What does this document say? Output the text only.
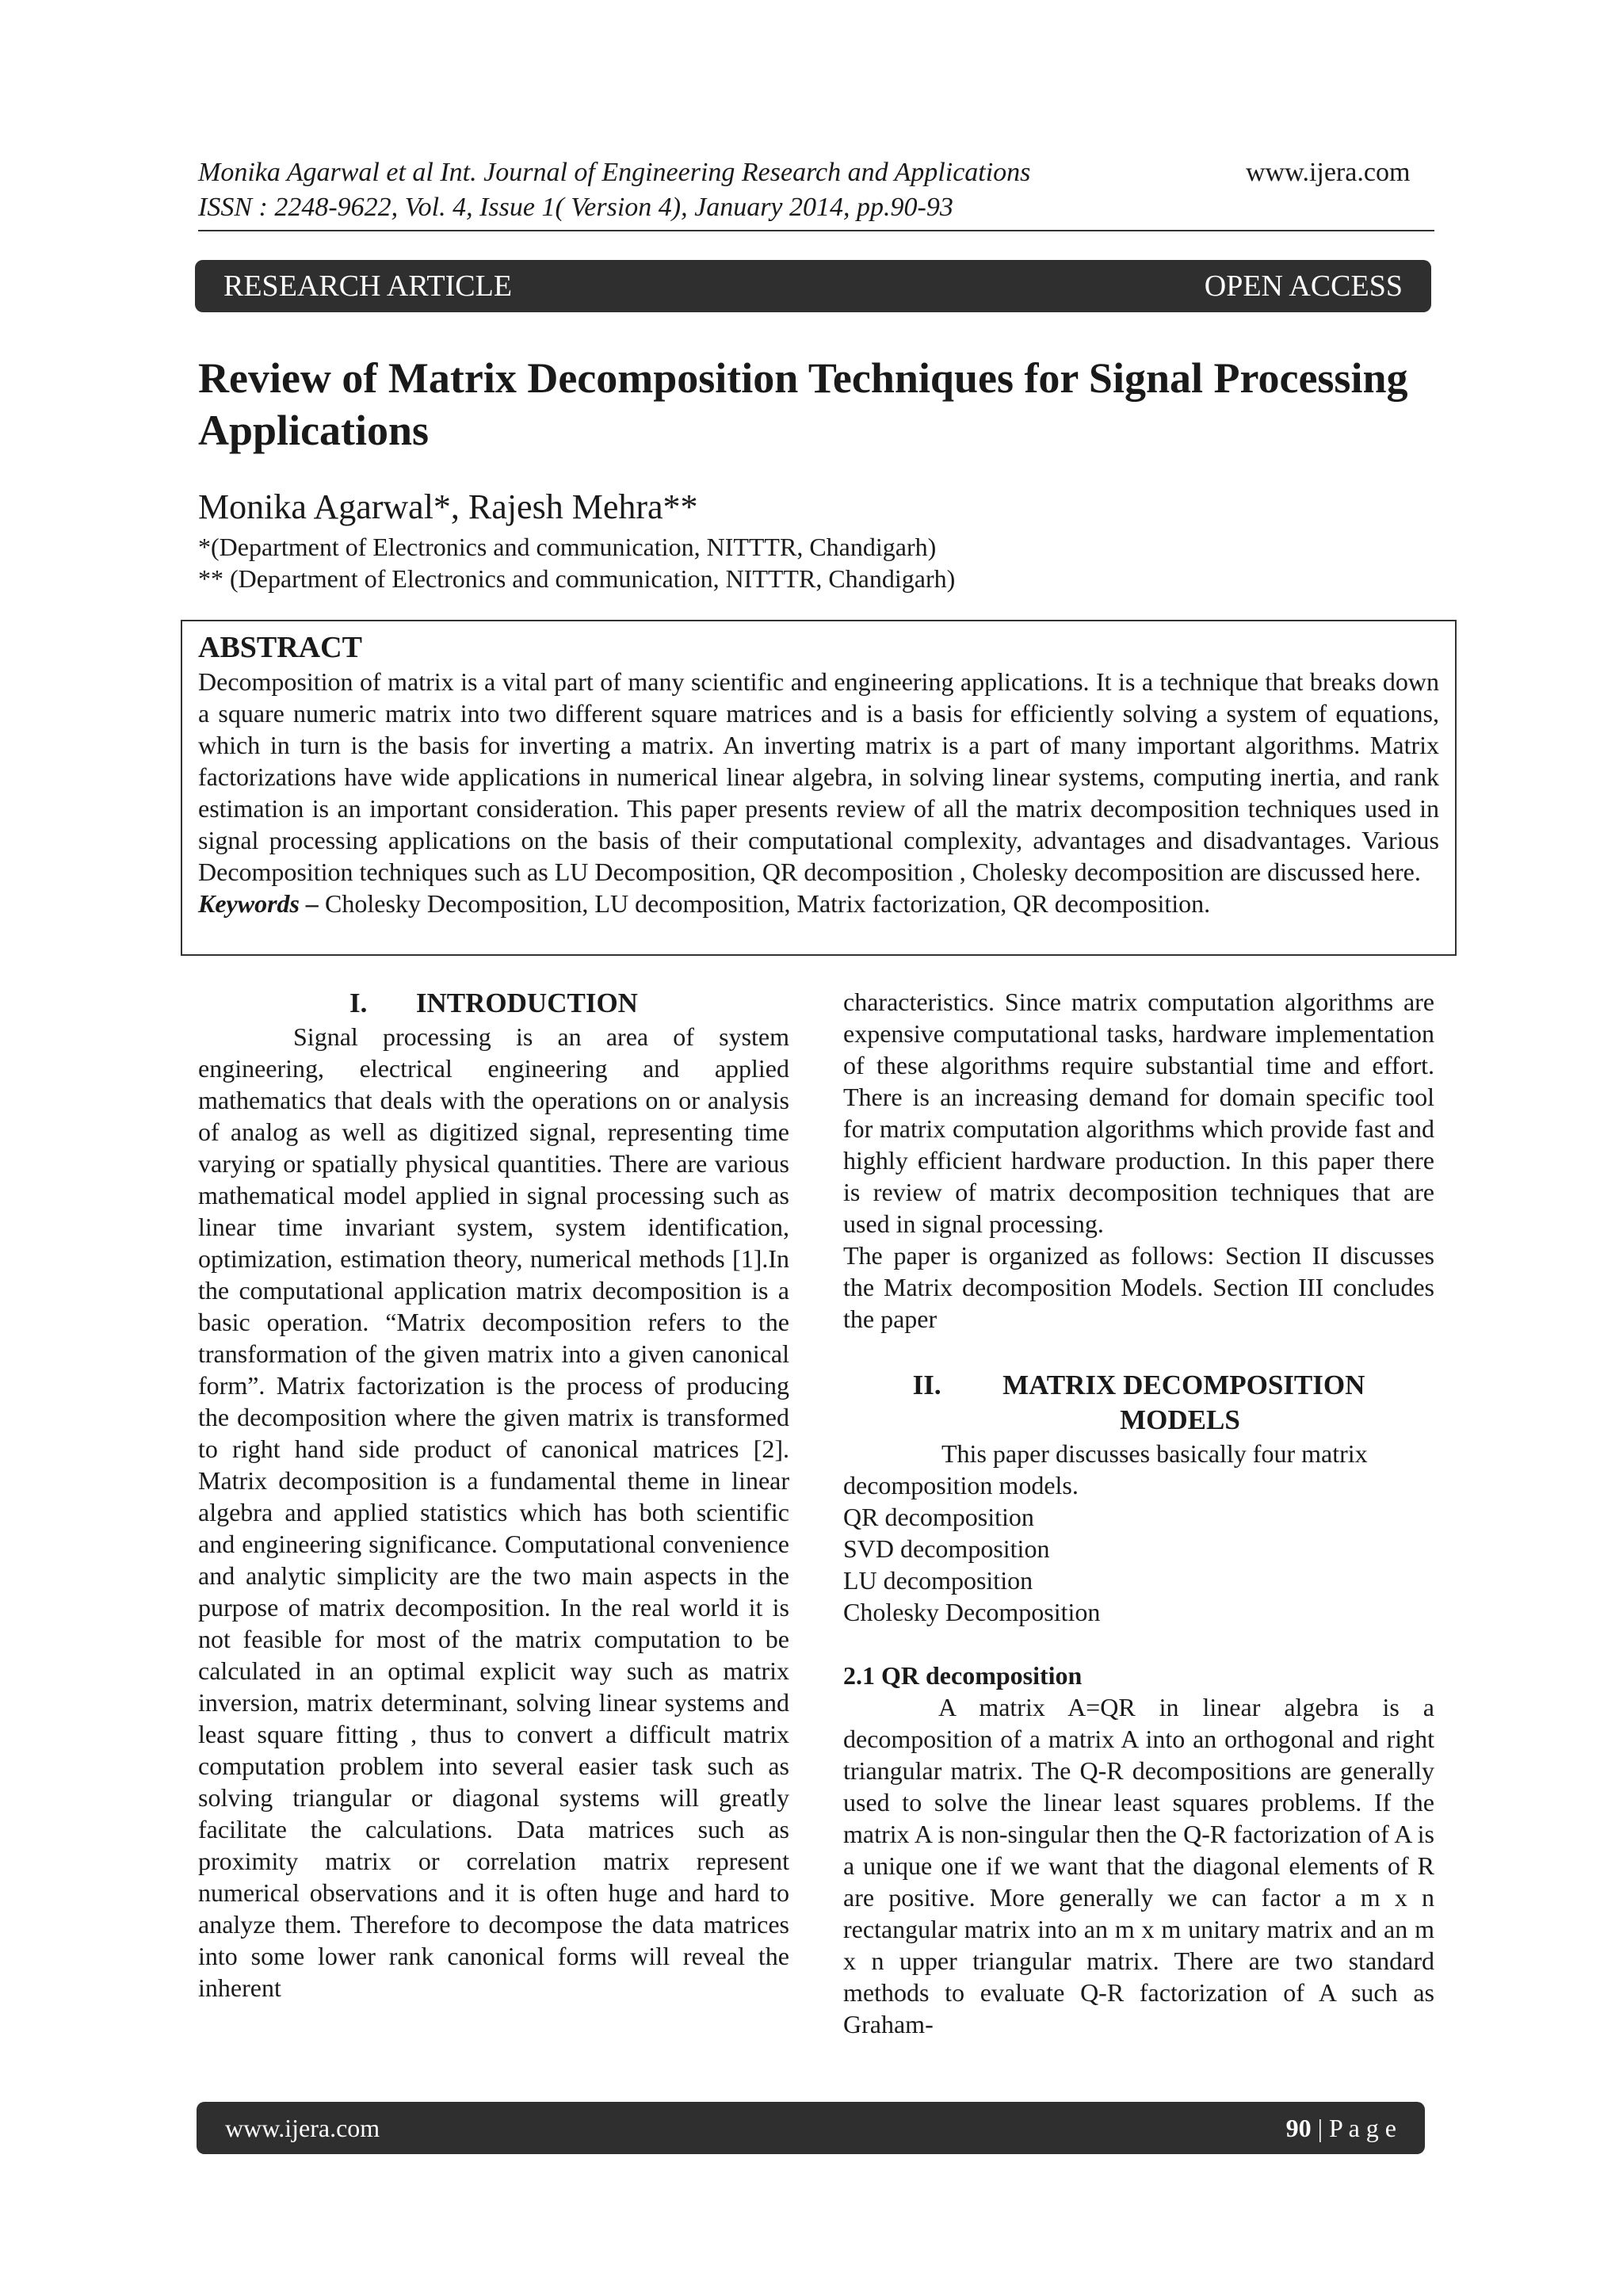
Monika Agarwal et al Int. Journal of Engineering Research and Applications	www.ijera.com
ISSN : 2248-9622, Vol. 4, Issue 1( Version 4), January 2014, pp.90-93
RESEARCH ARTICLE	OPEN ACCESS
Review of Matrix Decomposition Techniques for Signal Processing Applications
Monika Agarwal*, Rajesh Mehra**
*(Department of Electronics and communication, NITTTR, Chandigarh)
** (Department of Electronics and communication, NITTTR, Chandigarh)
ABSTRACT
Decomposition of matrix is a vital part of many scientific and engineering applications. It is a technique that breaks down a square numeric matrix into two different square matrices and is a basis for efficiently solving a system of equations, which in turn is the basis for inverting a matrix. An inverting matrix is a part of many important algorithms. Matrix factorizations have wide applications in numerical linear algebra, in solving linear systems, computing inertia, and rank estimation is an important consideration. This paper presents review of all the matrix decomposition techniques used in signal processing applications on the basis of their computational complexity, advantages and disadvantages. Various Decomposition techniques such as LU Decomposition, QR decomposition , Cholesky decomposition are discussed here.
Keywords – Cholesky Decomposition, LU decomposition, Matrix factorization, QR decomposition.
I. INTRODUCTION

Signal processing is an area of system engineering, electrical engineering and applied mathematics that deals with the operations on or analysis of analog as well as digitized signal, representing time varying or spatially physical quantities. There are various mathematical model applied in signal processing such as linear time invariant system, system identification, optimization, estimation theory, numerical methods [1].In the computational application matrix decomposition is a basic operation. “Matrix decomposition refers to the transformation of the given matrix into a given canonical form”. Matrix factorization is the process of producing the decomposition where the given matrix is transformed to right hand side product of canonical matrices [2]. Matrix decomposition is a fundamental theme in linear algebra and applied statistics which has both scientific and engineering significance. Computational convenience and analytic simplicity are the two main aspects in the purpose of matrix decomposition. In the real world it is not feasible for most of the matrix computation to be calculated in an optimal explicit way such as matrix inversion, matrix determinant, solving linear systems and least square fitting , thus to convert a difficult matrix computation problem into several easier task such as solving triangular or diagonal systems will greatly facilitate the calculations. Data matrices such as proximity matrix or correlation matrix represent numerical observations and it is often huge and hard to analyze them. Therefore to decompose the data matrices into some lower rank canonical forms will reveal the inherent

characteristics. Since matrix computation algorithms are expensive computational tasks, hardware implementation of these algorithms require substantial time and effort. There is an increasing demand for domain specific tool for matrix computation algorithms which provide fast and highly efficient hardware production. In this paper there is review of matrix decomposition techniques that are used in signal processing.

The paper is organized as follows: Section II discusses the Matrix decomposition Models. Section III concludes the paper

II. MATRIX DECOMPOSITION
MODELS
This paper discusses basically four matrix
decomposition models.
QR decomposition
SVD decomposition
LU decomposition
Cholesky Decomposition
2.1 QR decomposition

A matrix A=QR in linear algebra is a decomposition of a matrix A into an orthogonal and right triangular matrix. The Q-R decompositions are generally used to solve the linear least squares problems. If the matrix A is non-singular then the Q-R factorization of A is a unique one if we want that the diagonal elements of R are positive. More generally we can factor a m x n rectangular matrix into an m x m unitary matrix and an m x n upper triangular matrix. There are two standard methods to evaluate Q-R factorization of A such as Graham-

www.ijera.com	90 | P a g e
